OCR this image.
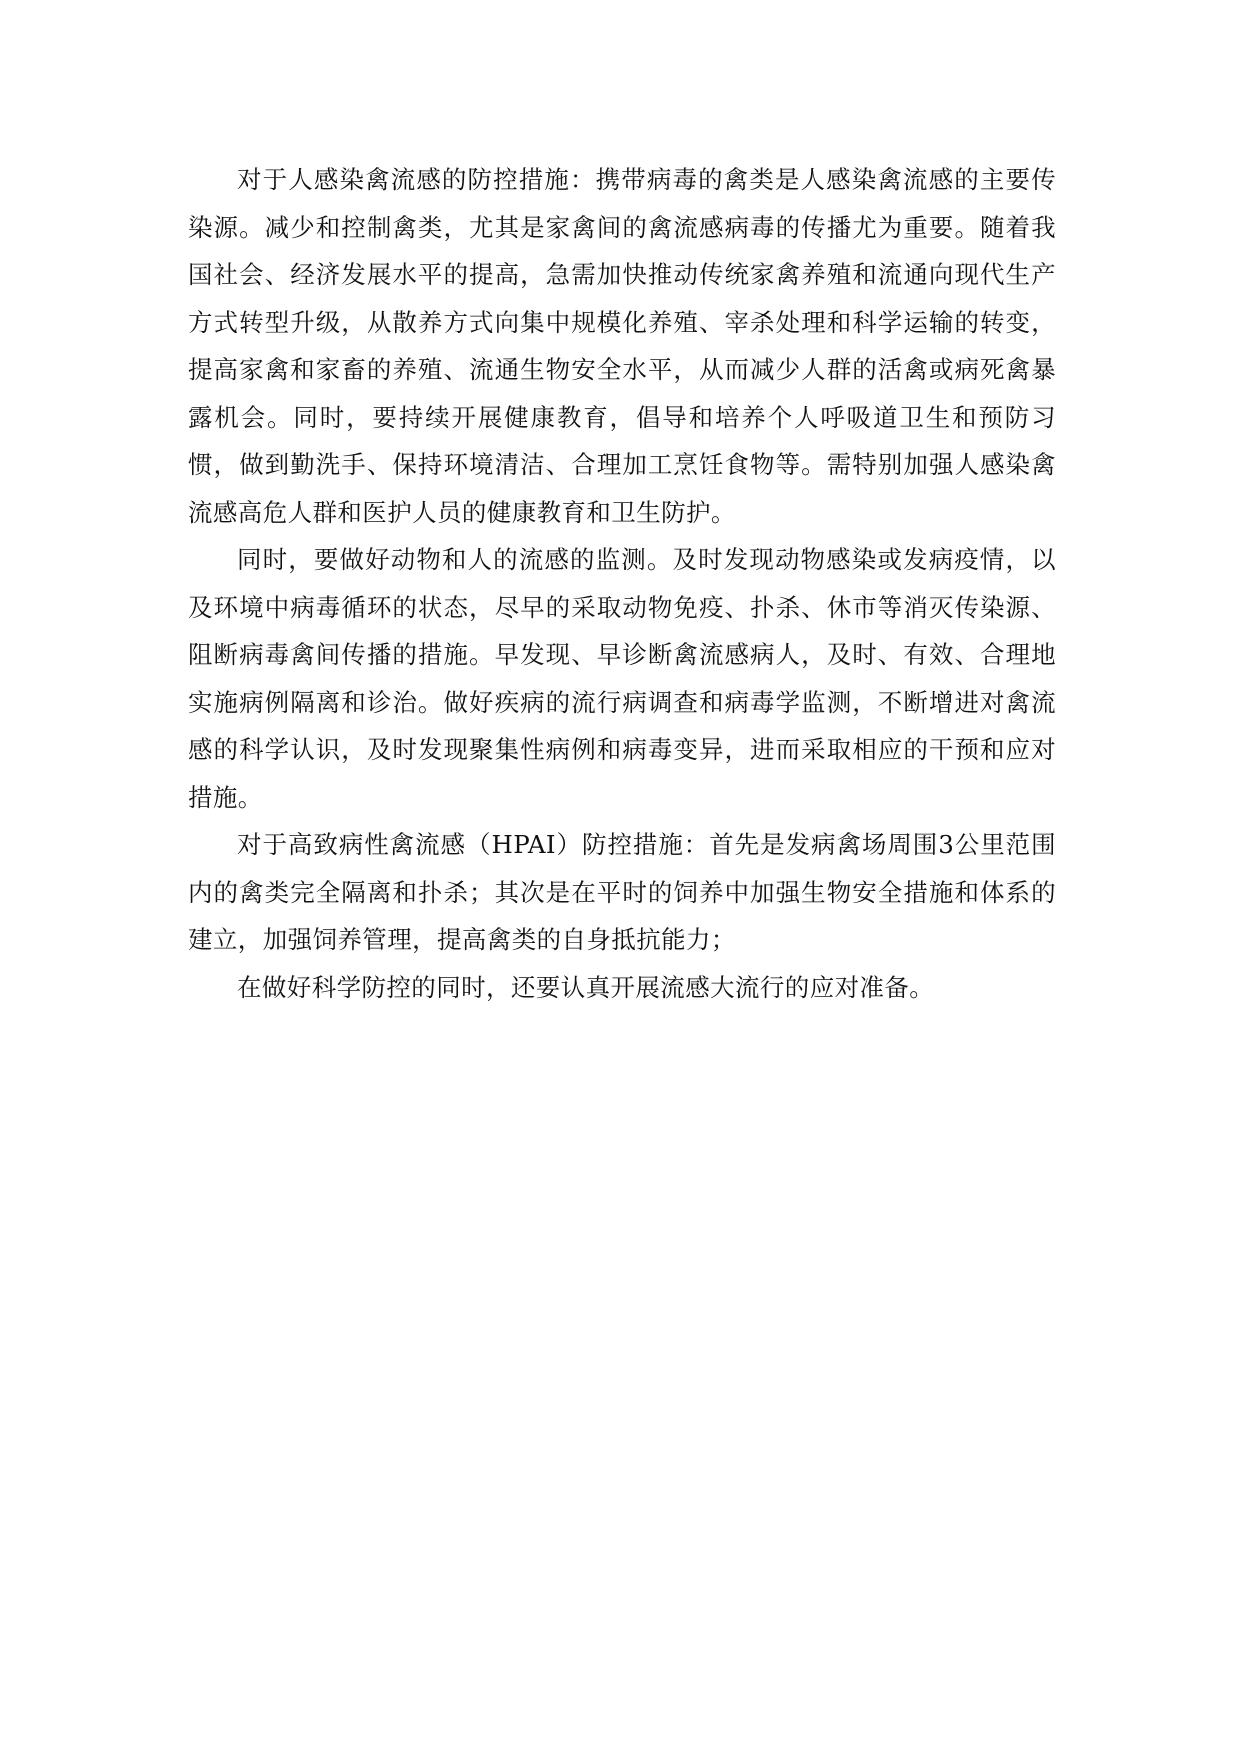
对于人感染禽流感的防控措施：携带病毒的禽类是人感染禽流感的主要传染源。减少和控制禽类，尤其是家禽间的禽流感病毒的传播尤为重要。随着我国社会、经济发展水平的提高，急需加快推动传统家禽养殖和流通向现代生产方式转型升级，从散养方式向集中规模化养殖、宰杀处理和科学运输的转变，提高家禽和家畜的养殖、流通生物安全水平，从而减少人群的活禽或病死禽暴露机会。同时，要持续开展健康教育，倡导和培养个人呼吸道卫生和预防习惯，做到勤洗手、保持环境清洁、合理加工烹饪食物等。需特别加强人感染禽流感高危人群和医护人员的健康教育和卫生防护。

同时，要做好动物和人的流感的监测。及时发现动物感染或发病疫情，以及环境中病毒循环的状态，尽早的采取动物免疫、扑杀、休市等消灭传染源、阻断病毒禽间传播的措施。早发现、早诊断禽流感病人，及时、有效、合理地实施病例隔离和诊治。做好疾病的流行病调查和病毒学监测，不断增进对禽流感的科学认识，及时发现聚集性病例和病毒变异，进而采取相应的干预和应对措施。

对于高致病性禽流感（HPAI）防控措施：首先是发病禽场周围3公里范围内的禽类完全隔离和扑杀；其次是在平时的饲养中加强生物安全措施和体系的建立，加强饲养管理，提高禽类的自身抵抗能力；

在做好科学防控的同时，还要认真开展流感大流行的应对准备。
